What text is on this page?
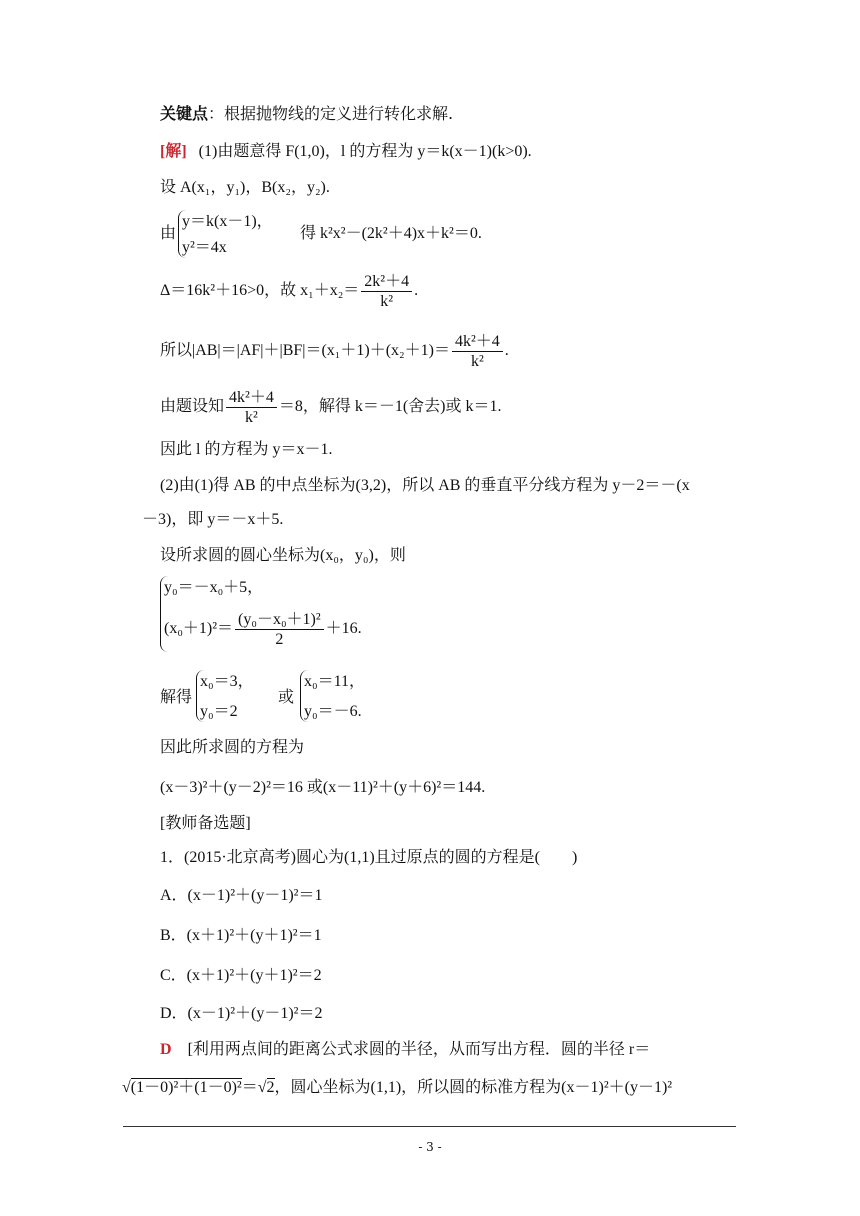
关键点：根据抛物线的定义进行转化求解.
[解] (1)由题意得 F(1,0)，l 的方程为 y＝k(x－1)(k>0).
设 A(x₁，y₁)，B(x₂，y₂).
由
y＝k(x－1)，
y²＝4x
得 k²x²－(2k²＋4)x＋k²＝0.
Δ＝16k²＋16>0，故 $x_1+x_2= \frac{\text{2k²＋4}}{\text{k²}}$ .
所以$|AB|=|AF|+|BF|=(x_1+1)+(x_2+1)= \frac{\text{4k²＋4}}{\text{k²}}$ .
由题设知 $\frac{\text{4k²＋4}}{\text{k²}} =8$，解得 k＝－1(舍去)或 k＝1.
因此 l 的方程为 y＝x－1.
(2)由(1)得 AB 的中点坐标为(3,2)，所以 AB 的垂直平分线方程为 y－2＝－(x
－3)，即 y＝－x＋5.
设所求圆的圆心坐标为(x₀，y₀)，则
y₀＝－x₀＋5，
$(x_0+1)^2= \frac{\text{(y₀－x₀＋1)²}}{2} +16$.
解得
x₀＝3，
y₀＝2
或
x₀＝11，
y₀＝－6.
因此所求圆的方程为
(x－3)²＋(y－2)²＝16 或(x－11)²＋(y＋6)²＝144.
[教师备选题]
1．(2015·北京高考)圆心为(1,1)且过原点的圆的方程是(　　)
A．(x－1)²＋(y－1)²＝1
B．(x＋1)²＋(y＋1)²＝1
C．(x＋1)²＋(y＋1)²＝2
D．(x－1)²＋(y－1)²＝2
D [利用两点间的距离公式求圆的半径，从而写出方程．圆的半径 r＝
√(1－0)²＋(1－0)²＝√2，圆心坐标为(1,1)，所以圆的标准方程为(x－1)²＋(y－1)²
- 3 -
